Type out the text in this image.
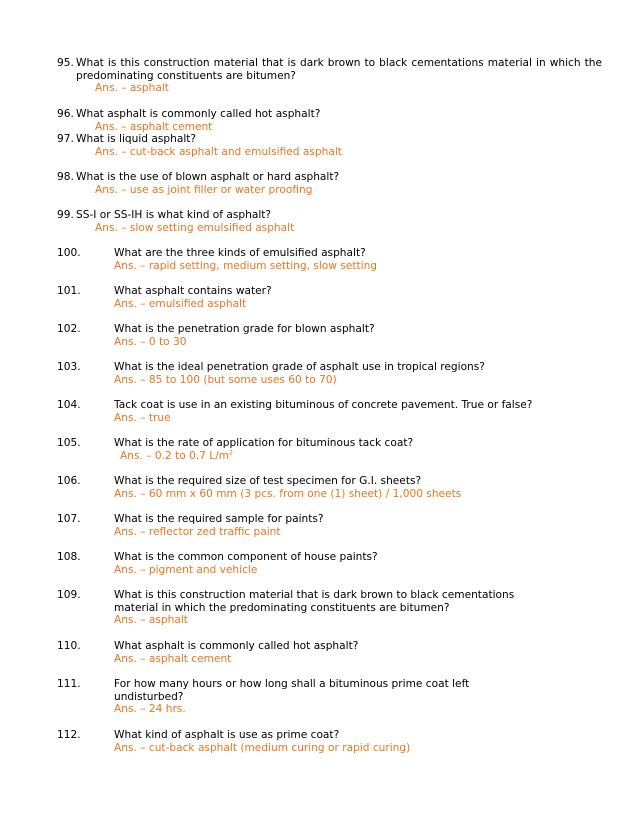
95. What is this construction material that is dark brown to black cementations material in which the predominating constituents are bitumen?
Ans. – asphalt
96. What asphalt is commonly called hot asphalt?
Ans. – asphalt cement
97. What is liquid asphalt?
Ans. – cut-back asphalt and emulsified asphalt
98. What is the use of blown asphalt or hard asphalt?
Ans. – use as joint filler or water proofing
99. SS-I or SS-IH is what kind of asphalt?
Ans. – slow setting emulsified asphalt
100.	What are the three kinds of emulsified asphalt?
Ans. – rapid setting, medium setting, slow setting
101.	What asphalt contains water?
Ans. – emulsified asphalt
102.	What is the penetration grade for blown asphalt?
Ans. – 0 to 30
103.	What is the ideal penetration grade of asphalt use in tropical regions?
Ans. – 85 to 100 (but some uses 60 to 70)
104.	Tack coat is use in an existing bituminous of concrete pavement. True or false?
Ans. – true
105.	What is the rate of application for bituminous tack coat?
Ans. – 0.2 to 0.7 $L/m^2$
106.	What is the required size of test specimen for G.I. sheets?
Ans. – 60 mm x 60 mm (3 pcs. from one (1) sheet) / 1,000 sheets
107.	What is the required sample for paints?
Ans. – reflector zed traffic paint
108.	What is the common component of house paints?
Ans. – pigment and vehicle
109.	What is this construction material that is dark brown to black cementations material in which the predominating constituents are bitumen?
Ans. – asphalt
110.	What asphalt is commonly called hot asphalt?
Ans. – asphalt cement
111.	For how many hours or how long shall a bituminous prime coat left undisturbed?
Ans. – 24 hrs.
112.	What kind of asphalt is use as prime coat?
Ans. – cut-back asphalt (medium curing or rapid curing)
